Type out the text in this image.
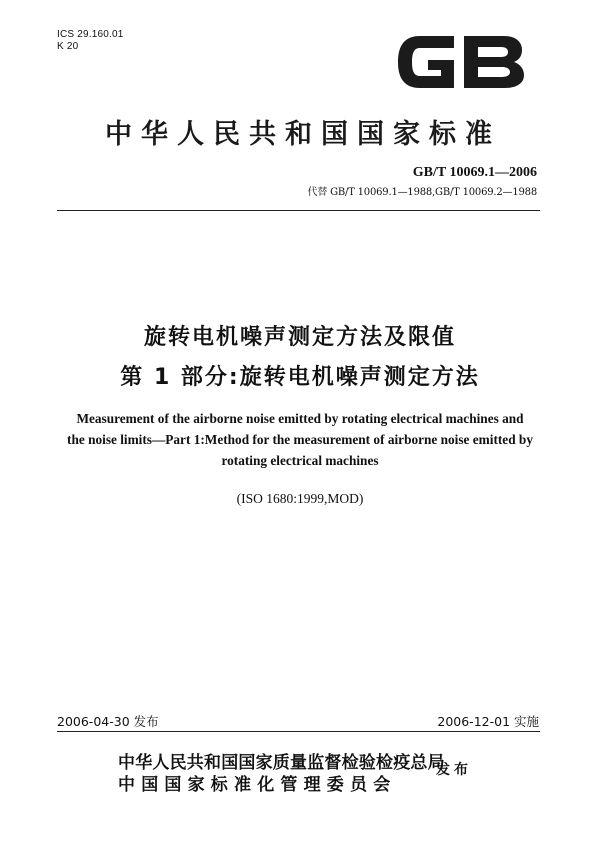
ICS 29.160.01
K 20
中华人民共和国国家标准
GB/T 10069.1—2006
代替 GB/T 10069.1—1988,GB/T 10069.2—1988
旋转电机噪声测定方法及限值
第 1 部分:旋转电机噪声测定方法
Measurement of the airborne noise emitted by rotating electrical machines and
the noise limits—Part 1:Method for the measurement of airborne noise emitted by
rotating electrical machines
(ISO 1680:1999,MOD)
2006-04-30 发布	2006-12-01 实施
中华人民共和国国家质量监督检验检疫总局
中国国家标准化管理委员会
发布
